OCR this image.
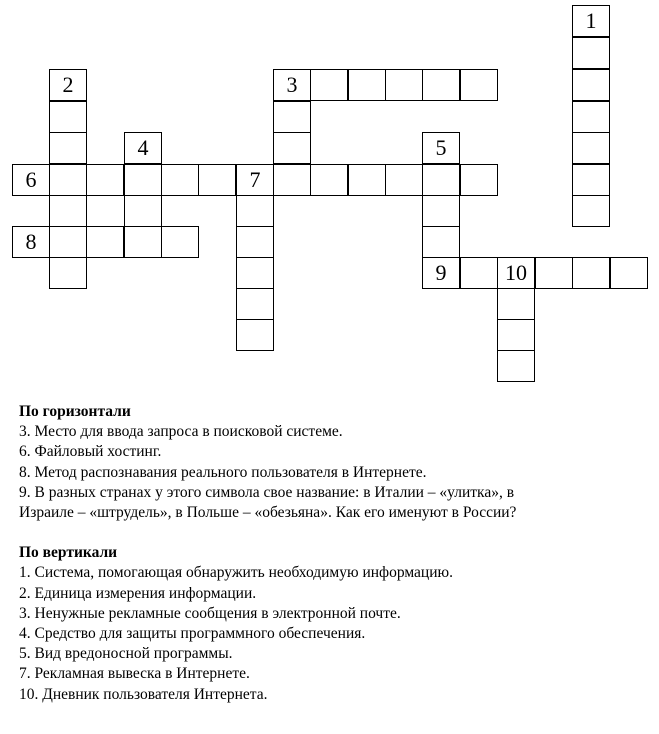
1
2	3
4	5
6	7
8
9	10

По горизонтали

3. Место для ввода запроса в поисковой системе.

6. Файловый хостинг.

8. Метод распознавания реального пользователя в Интернете.

9. В разных странах у этого символа свое название: в Италии – «улитка», в

Израиле – «штрудель», в Польше – «обезьяна». Как его именуют в России?

По вертикали

1. Система, помогающая обнаружить необходимую информацию.

2. Единица измерения информации.

3. Ненужные рекламные сообщения в электронной почте.

4. Средство для защиты программного обеспечения.

5. Вид вредоносной программы.

7. Рекламная вывеска в Интернете.

10. Дневник пользователя Интернета.
